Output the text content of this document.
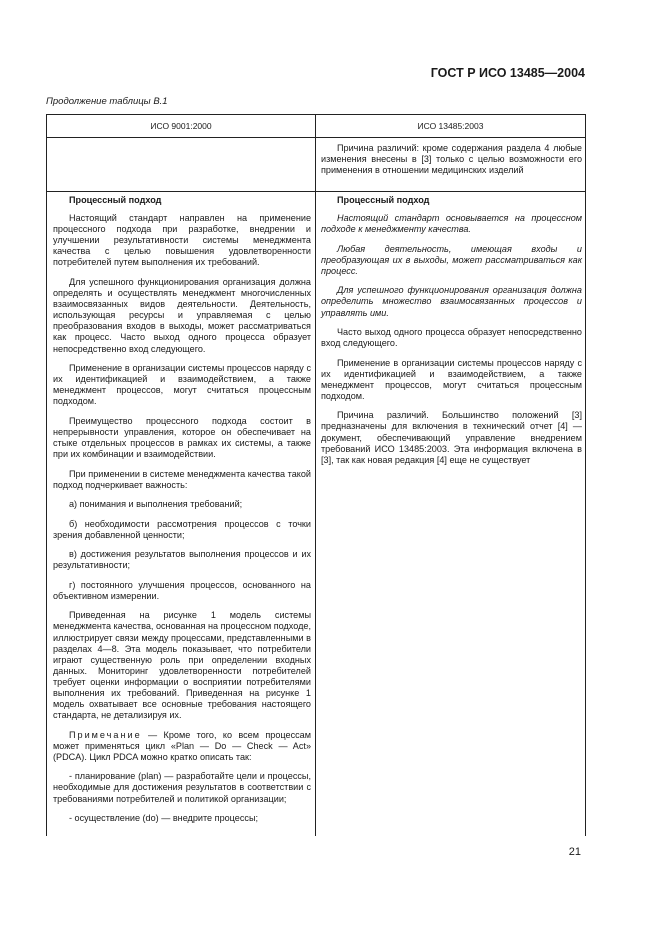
ГОСТ Р ИСО 13485—2004
Продолжение таблицы В.1
ИСО 9001:2000	ИСО 13485:2003

Причина различий: кроме содержания раздела 4 любые изменения внесены в [3] только с целью возможности его применения в отношении медицинских изделий

Процессный подход

Настоящий стандарт направлен на применение процессного подхода при разработке, внедрении и улучшении результативности системы менеджмента качества с целью повышения удовлетворенности потребителей путем выполнения их требований.

Для успешного функционирования организация должна определять и осуществлять менеджмент многочисленных взаимосвязанных видов деятельности. Деятельность, использующая ресурсы и управляемая с целью преобразования входов в выходы, может рассматриваться как процесс. Часто выход одного процесса образует непосредственно вход следующего.

Применение в организации системы процессов наряду с их идентификацией и взаимодействием, а также менеджмент процессов, могут считаться процессным подходом.

Преимущество процессного подхода состоит в непрерывности управления, которое он обеспечивает на стыке отдельных процессов в рамках их системы, а также при их комбинации и взаимодействии.

При применении в системе менеджмента качества такой подход подчеркивает важность:

а) понимания и выполнения требований;

б) необходимости рассмотрения процессов с точки зрения добавленной ценности;

в) достижения результатов выполнения процессов и их результативности;

г) постоянного улучшения процессов, основанного на объективном измерении.

Приведенная на рисунке 1 модель системы менеджмента качества, основанная на процессном подходе, иллюстрирует связи между процессами, представленными в разделах 4—8. Эта модель показывает, что потребители играют существенную роль при определении входных данных. Мониторинг удовлетворенности потребителей требует оценки информации о восприятии потребителями выполнения их требований. Приведенная на рисунке 1 модель охватывает все основные требования настоящего стандарта, не детализируя их.

Примечание — Кроме того, ко всем процессам может применяться цикл «Plan — Do — Check — Act» (PDCA). Цикл PDCA можно кратко описать так:

- планирование (plan) — разработайте цели и процессы, необходимые для достижения результатов в соответствии с требованиями потребителей и политикой организации;

- осуществление (do) — внедрите процессы;

Процессный подход

Настоящий стандарт основывается на процессном подходе к менеджменту качества.

Любая деятельность, имеющая входы и преобразующая их в выходы, может рассматриваться как процесс.

Для успешного функционирования организация должна определить множество взаимосвязанных процессов и управлять ими.

Часто выход одного процесса образует непосредственно вход следующего.

Применение в организации системы процессов наряду с их идентификацией и взаимодействием, а также менеджмент процессов, могут считаться процессным подходом.

Причина различий. Большинство положений [3] предназначены для включения в технический отчет [4] — документ, обеспечивающий управление внедрением требований ИСО 13485:2003. Эта информация включена в [3], так как новая редакция [4] еще не существует

21
